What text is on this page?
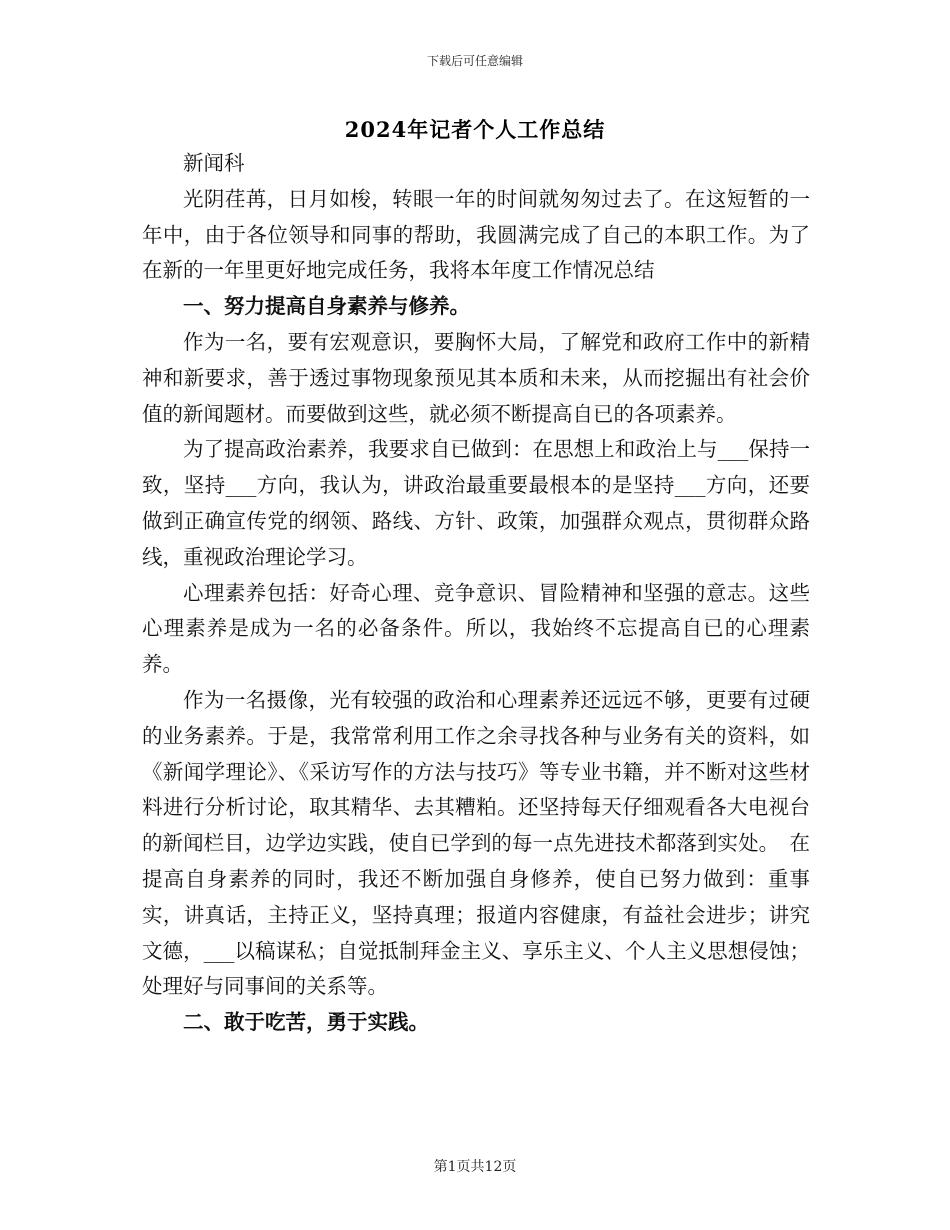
下载后可任意编辑
2024年记者个人工作总结

新闻科

光阴荏苒，日月如梭，转眼一年的时间就匆匆过去了。在这短暂的一年中，由于各位领导和同事的帮助，我圆满完成了自己的本职工作。为了在新的一年里更好地完成任务，我将本年度工作情况总结

一、努力提高自身素养与修养。

作为一名，要有宏观意识，要胸怀大局，了解党和政府工作中的新精神和新要求，善于透过事物现象预见其本质和未来，从而挖掘出有社会价值的新闻题材。而要做到这些，就必须不断提高自已的各项素养。

为了提高政治素养，我要求自已做到：在思想上和政治上与___保持一致，坚持___方向，我认为，讲政治最重要最根本的是坚持___方向，还要做到正确宣传党的纲领、路线、方针、政策，加强群众观点，贯彻群众路线，重视政治理论学习。

心理素养包括：好奇心理、竞争意识、冒险精神和坚强的意志。这些心理素养是成为一名的必备条件。所以，我始终不忘提高自已的心理素养。

作为一名摄像，光有较强的政治和心理素养还远远不够，更要有过硬的业务素养。于是，我常常利用工作之余寻找各种与业务有关的资料，如《新闻学理论》、《采访写作的方法与技巧》等专业书籍，并不断对这些材料进行分析讨论，取其精华、去其糟粕。还坚持每天仔细观看各大电视台的新闻栏目，边学边实践，使自已学到的每一点先进技术都落到实处。　在提高自身素养的同时，我还不断加强自身修养，使自已努力做到：重事实，讲真话，主持正义，坚持真理；报道内容健康，有益社会进步；讲究文德，___以稿谋私；自觉抵制拜金主义、享乐主义、个人主义思想侵蚀；处理好与同事间的关系等。

二、敢于吃苦，勇于实践。

第1页共12页
